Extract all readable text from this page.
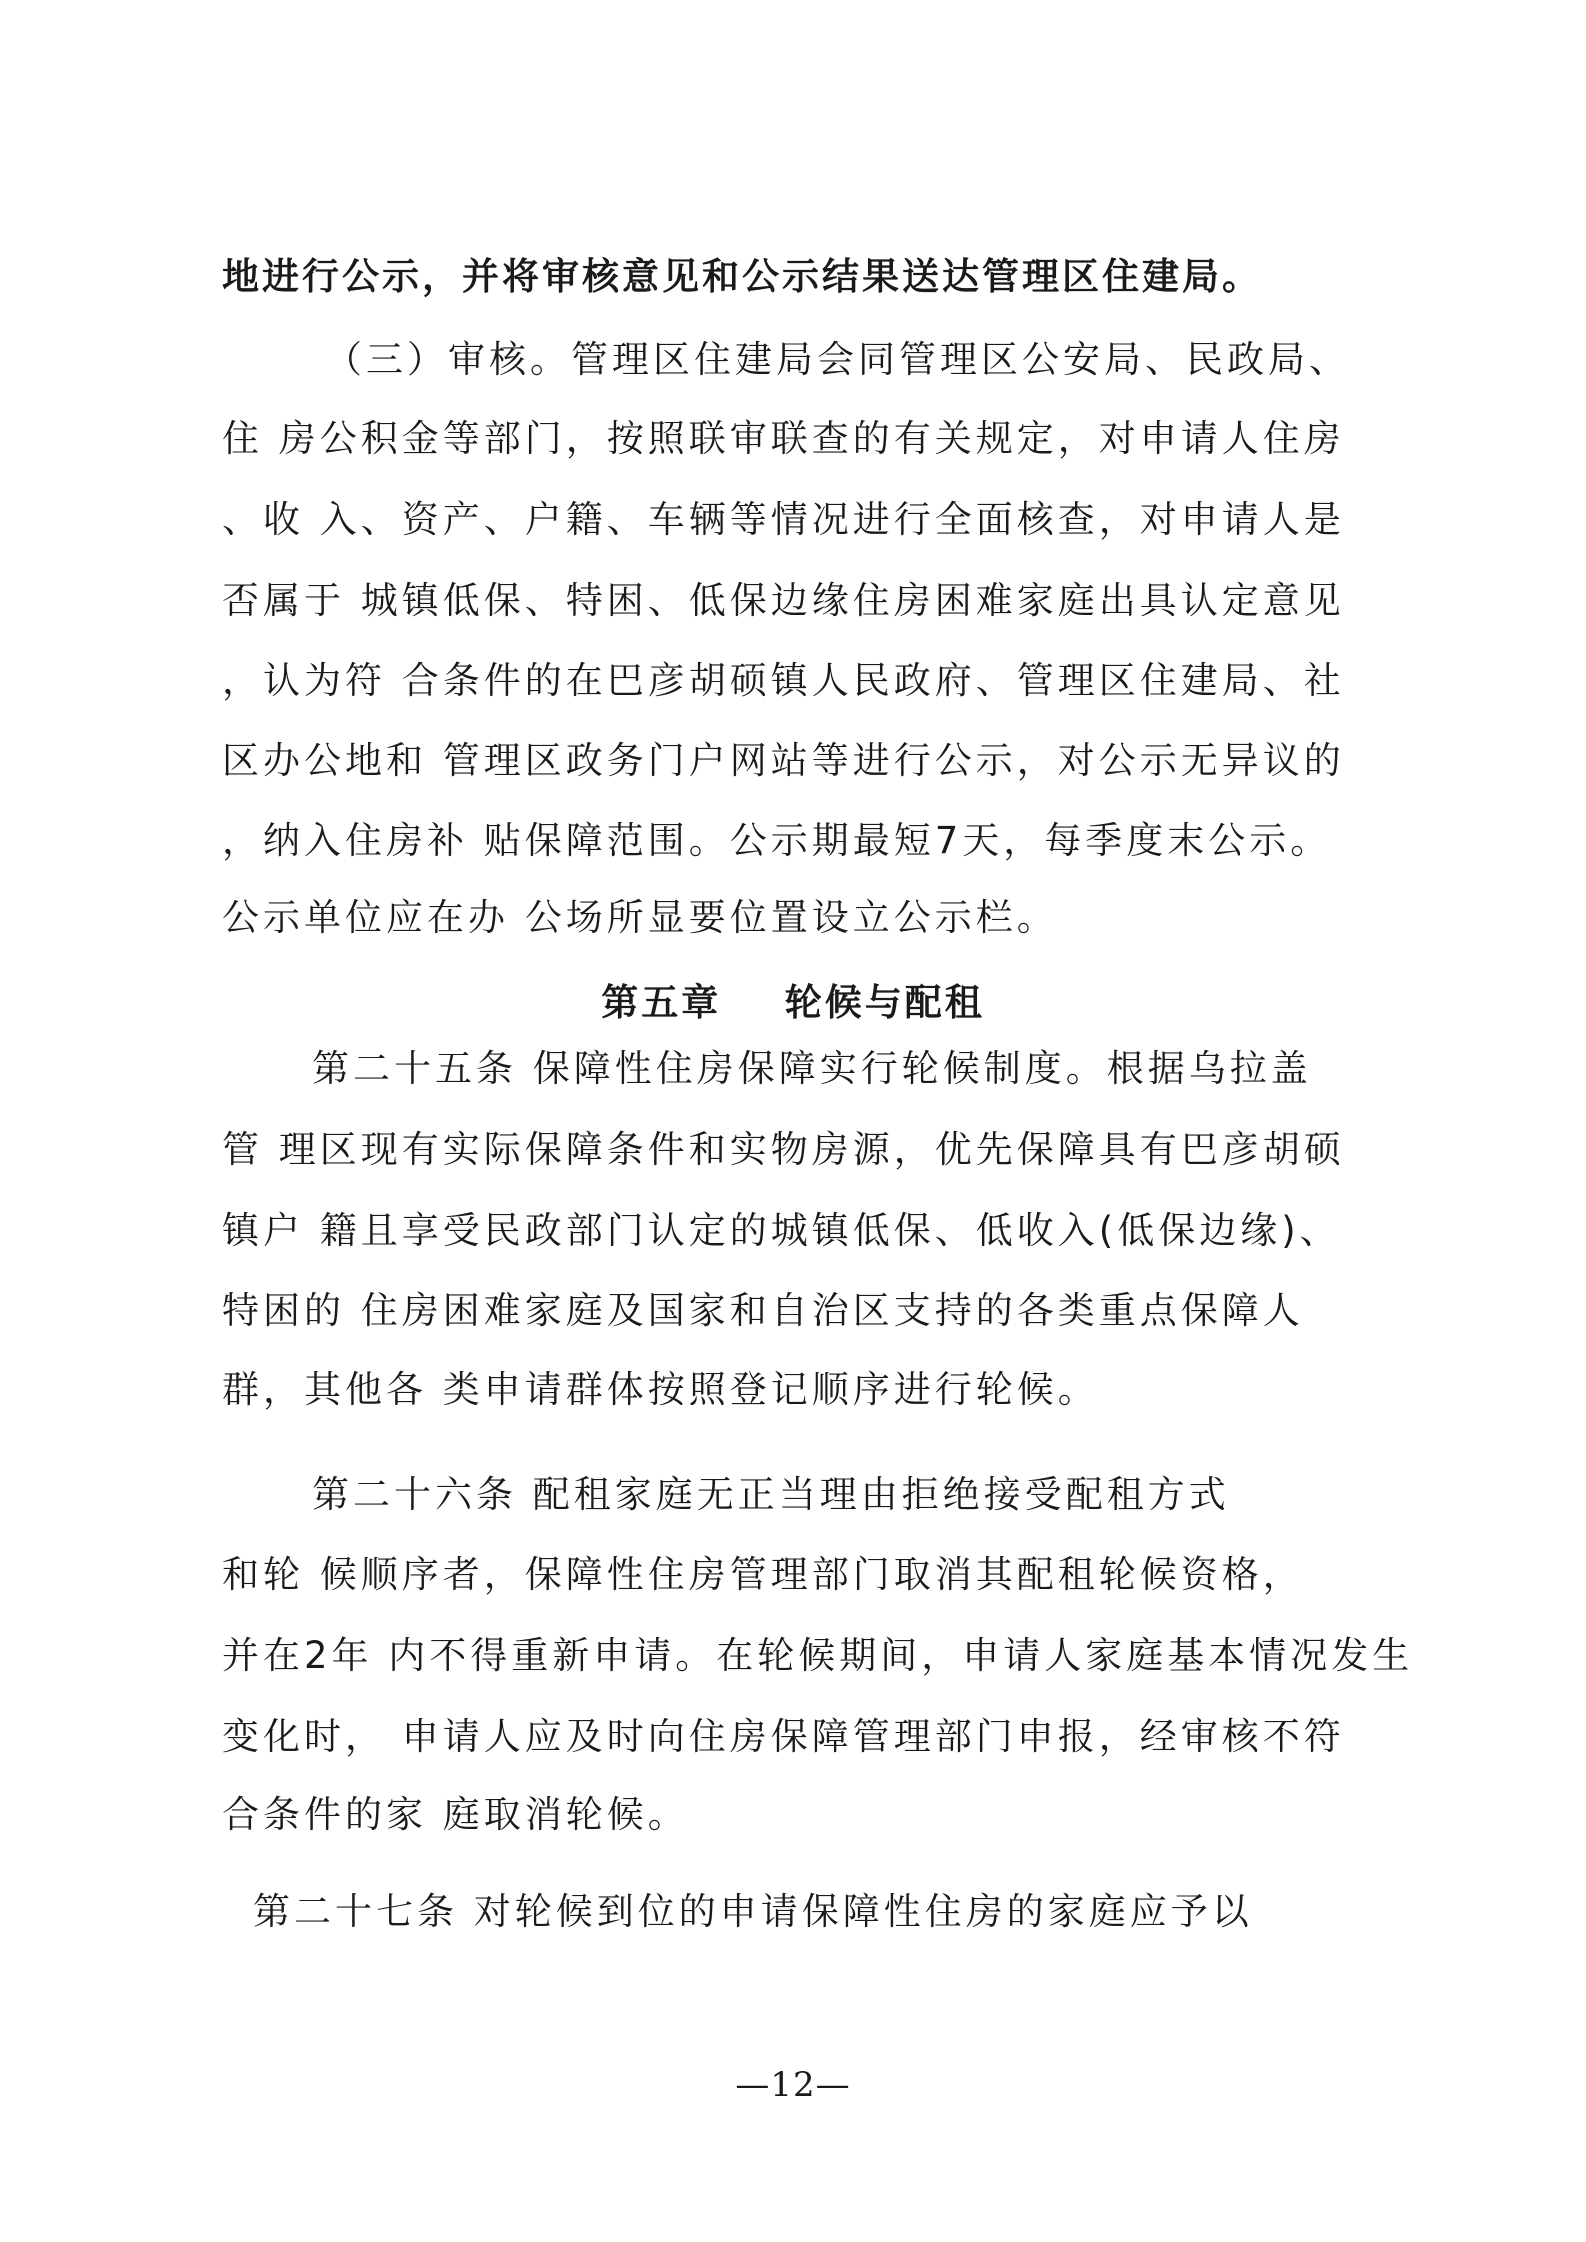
地进行公示，并将审核意见和公示结果送达管理区住建局。
（三）审核。管理区住建局会同管理区公安局、民政局、
住 房公积金等部门，按照联审联查的有关规定，对申请人住房
、收 入、资产、户籍、车辆等情况进行全面核查，对申请人是
否属于 城镇低保、特困、低保边缘住房困难家庭出具认定意见
，认为符 合条件的在巴彦胡硕镇人民政府、管理区住建局、社
区办公地和 管理区政务门户网站等进行公示，对公示无异议的
，纳入住房补 贴保障范围。公示期最短7天，每季度末公示。
公示单位应在办 公场所显要位置设立公示栏。
第五章    轮候与配租
第二十五条 保障性住房保障实行轮候制度。根据乌拉盖
管 理区现有实际保障条件和实物房源，优先保障具有巴彦胡硕
镇户 籍且享受民政部门认定的城镇低保、低收入(低保边缘)、
特困的 住房困难家庭及国家和自治区支持的各类重点保障人
群，其他各 类申请群体按照登记顺序进行轮候。
第二十六条 配租家庭无正当理由拒绝接受配租方式
和轮 候顺序者，保障性住房管理部门取消其配租轮候资格，
并在2年 内不得重新申请。在轮候期间，申请人家庭基本情况发生
变化时， 申请人应及时向住房保障管理部门申报，经审核不符
合条件的家 庭取消轮候。
第二十七条 对轮候到位的申请保障性住房的家庭应予以
—12—
